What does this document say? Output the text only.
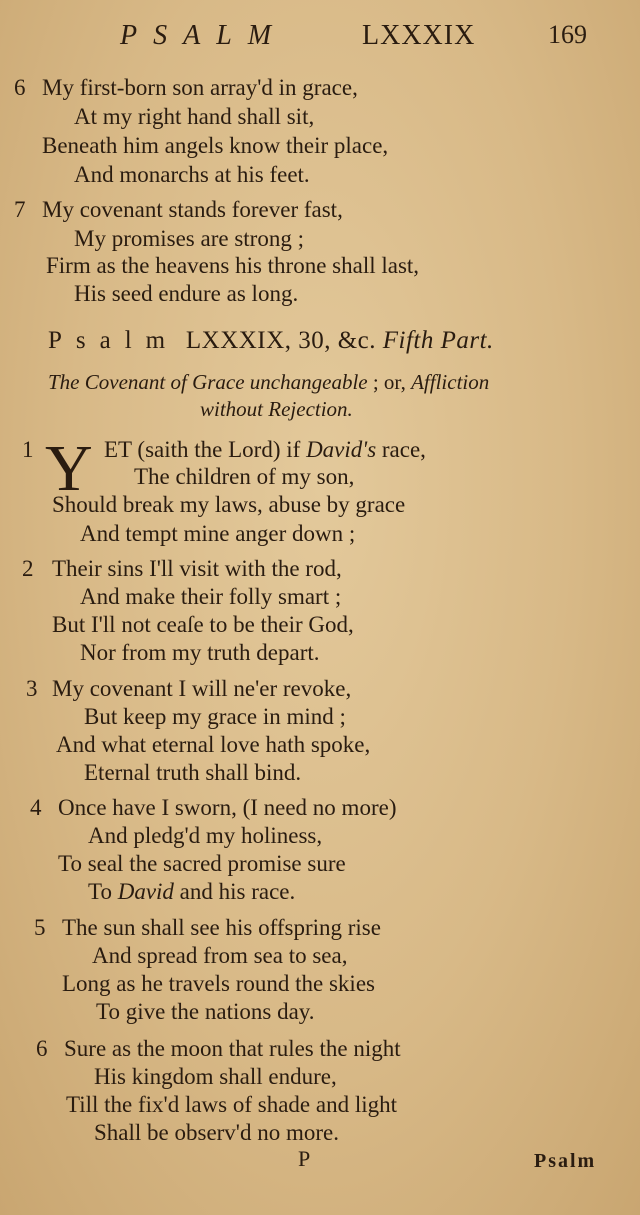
PSALM	LXXXIX	169
6 My first-born son array'd in grace,
At my right hand shall sit,
Beneath him angels know their place,
And monarchs at his feet.
7 My covenant stands forever fast,
My promises are strong ;
Firm as the heavens his throne shall last,
His seed endure as long.
Psalm LXXXIX, 30, &c. Fifth Part.
The Covenant of Grace unchangeable ; or, Affliction
without Rejection.
1 Y ET (saith the Lord) if David's race,
The children of my son,
Should break my laws, abuse by grace
And tempt mine anger down ;
2 Their sins I'll visit with the rod,
And make their folly smart ;
But I'll not ceaſe to be their God,
Nor from my truth depart.
3 My covenant I will ne'er revoke,
But keep my grace in mind ;
And what eternal love hath spoke,
Eternal truth shall bind.
4 Once have I sworn, (I need no more)
And pledg'd my holiness,
To seal the sacred promise sure
To David and his race.
5 The sun shall see his offspring rise
And spread from sea to sea,
Long as he travels round the skies
To give the nations day.
6 Sure as the moon that rules the night
His kingdom shall endure,
Till the fix'd laws of shade and light
Shall be observ'd no more.
P	Psalm
